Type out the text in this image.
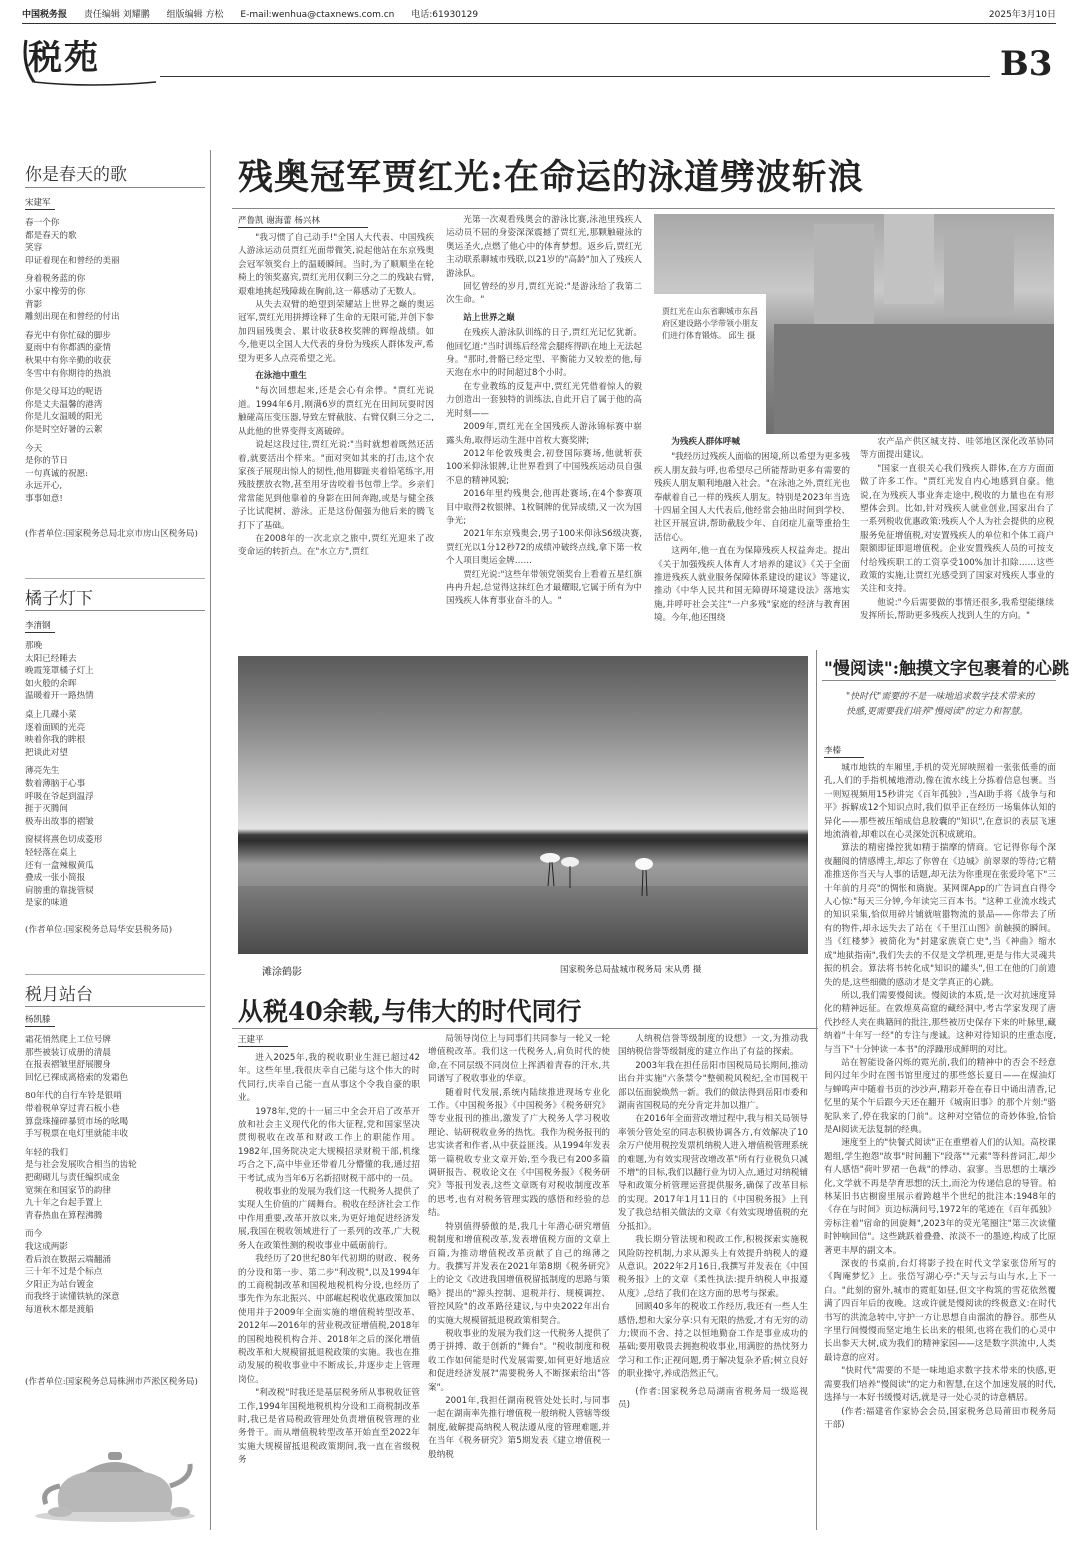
中国税务报 责任编辑 刘耀鹏 组版编辑 方松 E-mail:wenhua@ctaxnews.com.cn 电话:61930129	2025年3月10日
税苑	B3
你是春天的歌
宋建军
春一个你
都是春天的歌
笑容
印证着现在和曾经的美丽
身着税务蓝的你
小家中橡劳的你
背影
雕刻出现在和曾经的付出
春光中有你忙碌的脚步
夏雨中有你都洒的豪情
秋果中有你辛勤的收获
冬雪中有你期待的热浪
你是父母耳边的呢语
你是丈夫温馨的港湾
你是儿女温暖的阳光
你是时空好暑的云絮
今天
是你的节日
一句真诚的祝愿:
永远开心,
事事如意!
(作者单位:国家税务总局北京市房山区税务局)
橘子灯下
李淯钢
那晚
太阳已经睡去
晚霞笼罩橘子灯上
如火般的余晖
温暖着开一路热情
桌上几碟小菜
逐着面顾的光亮
映着你我的眸根
把谈此对望
薄亮先生
数着薄脑于心事
呼吸在爷起到温浮
捱于灭腾间
极寿出故事的褶皱
窗棂将熹色切成菱形
轻轻落在桌上
还有一盒辣椒黄瓜
叠成一张小简报
肩膀重的靠拢管棂
是家的味道
(作者单位:国家税务总局华安县税务局)
税月站台
杨凯滕
霜花悄然爬上工位号牌
那些被装订成册的清晨
在报表褶皱里舒展腰身
回忆已裸成离格索的发霜色
80年代的自行车铃是银哨
带着税单穿过青石板小巷
算盘珠撞碎暴贸市场的吆喝
手写税票在电灯里就能丰收
年轻的我们
是与社会发展吹合相当的齿轮
把砌砌儿与责任编织成金
宽频在和国家节的韵律
九十年之台起手置上
青春热血在算程沸腾
而今
我这成两影
看后浪在数据云端翻涌
三十年不过是个标点
夕阳正为站台镀金
而我终于读懂铁轨的深意
每道秋木都是渡船
(作者单位:国家税务总局株洲市芦淞区税务局)
残奥冠军贾红光:在命运的泳道劈波斩浪
严鲁凯 谢海蕾 杨兴林

"我习惯了自己动手!"全国人大代表、中国残疾人游泳运动员贾红光面带微笑,说起他站在东京残奥会冠军领奖台上的温暖瞬间。当时,为了顺顺坐在轮椅上的领奖嘉宾,贾红光用仅剩三分之二的残缺右臂,艰难地挑起残障裁在胸前,这一幕感动了无数人。

从失去双臂的绝望到荣耀站上世界之巅的奥运冠军,贾红光用拼搏诠释了生命的无限可能,并创下参加四届残奥会、累计收获8枚奖牌的辉煌战绩。如今,他更以全国人大代表的身份为残疾人群体发声,希望为更多人点亮希望之光。

在泳池中重生

"每次回想起来,还是会心有余悸。"贾红光说道。1994年6月,刚满6岁的贾红光在田间玩耍时因触碰高压变压器,导致左臂截肢、右臂仅剩三分之二,从此他的世界变得支离破碎。

说起这段过往,贾红光说:"当时就想着既然还活着,就要活出个样来。"面对突如其来的打击,这个农家孩子展现出惊人的韧性,他用脚趾夹着铅笔练字,用残肢摆放衣物,甚至用牙齿咬着书包带上学。乡亲们常常能见到他靠着的身影在田间奔跑,或是与健全孩子比试爬树、游泳。正是这份倔强为他后来的腾飞打下了基础。

在2008年的一次北京之旅中,贾红光迎来了改变命运的转折点。在"水立方",贾红

光第一次观看残奥会的游泳比赛,泳池里残疾人运动员不屈的身姿深深震撼了贾红光,那颗触碰泳的奥运圣火,点燃了他心中的体育梦想。返乡后,贾红光主动联系聊城市残联,以21岁的"高龄"加入了残疾人游泳队。

回忆曾经的岁月,贾红光说:"是游泳给了我第二次生命。"

站上世界之巅

在残疾人游泳队训练的日子,贾红光记忆犹新。他回忆道:"当时训练后经常会腿疼得趴在地上无法起身。"那时,骨骼已经定型、平衡能力又较差的他,每天泡在水中的时间超过8个小时。

在专业教练的反复声中,贾红光凭借着惊人的毅力创造出一套独特的训练法,自此开启了属于他的高光时刻——

2009年,贾红光在全国残疾人游泳锦标赛中崭露头角,取得运动生涯中首枚大赛奖牌;

2012年伦敦残奥会,初登国际赛场,他就斩获100米仰泳银牌,让世界看到了中国残疾运动员自强不息的精神风貌;

2016年里约残奥会,他再赴赛场,在4个参赛项目中取得2枚银牌、1枚铜牌的优异成绩,又一次为国争光;

2021年东京残奥会,男子100米仰泳S6级决赛,贾红光以1分12秒72的成绩冲破终点线,拿下第一枚个人项目奥运金牌……

贾红光说:"这些年带领党领奖台上看着五星红旗冉冉升起,总觉得这抹红色才最耀眼,它属于所有为中国残疾人体育事业奋斗的人。"

贾红光在山东省聊城市东昌府区建设路小学带领小朋友们进行体育锻炼。 邱生 摄
为残疾人群体呼喊

"我经历过残疾人面临的困境,所以希望为更多残疾人朋友鼓与呼,也希望尽己所能帮助更多有需要的残疾人朋友顺利地融入社会。"在泳池之外,贾红光也奉献着自己一样的残疾人朋友。特别是2023年当选十四届全国人大代表后,他经常会抽出时间到学校、社区开展宣讲,帮助截肢少年、自闭症儿童等重拾生活信心。

这两年,他一直在为保障残疾人权益奔走。提出《关于加强残疾人体育人才培养的建议》《关于全面推进残疾人就业服务保障体系建设的建议》等建议,推动《中华人民共和国无障碍环境建设法》落地实施,并呼吁社会关注"一户多残"家庭的经济与教育困境。今年,他还围绕

农产品产供区城支持、哇邻地区深化改革协同等方面提出建议。

"国家一直很关心我们残疾人群体,在方方面面做了许多工作。"贾红光发自内心地感到自豪。他说,在为残疾人事业奔走途中,税收的力量也在有形塑体会到。比如,针对残疾人就业创业,国家出台了一系列税收优惠政策:残疾人个人为社会提供的应税服务免征增值税,对安置残疾人的单位和个体工商户限额即征即退增值税。企业安置残疾人员的可按支付给残疾职工的工资享受100%加计扣除……这些政策的实施,让贾红光感受到了国家对残疾人事业的关注和支持。

他说:"今后需要做的事情还很多,我希望能继续发挥所长,帮助更多残疾人找到人生的方向。"

滩涂鹤影	国家税务总局盐城市税务局 宋从勇 摄
从税40余载,与伟大的时代同行
王建平

进入2025年,我的税收职业生涯已超过42年。这些年里,我很庆幸自己能与这个伟大的时代同行,庆幸自己能一直从事这个令我自豪的职业。

1978年,党的十一届三中全会开启了改革开放和社会主义现代化的伟大征程,党和国家坚决贯彻税收在改革和财政工作上的职能作用。1982年,国务院决定大规模招录财税干部,机缘巧合之下,高中毕业还带着几分懵懂的我,通过招干考试,成为当年6万名新招财税干部中的一员。

税收事业的发展为我们这一代税务人提供了实现人生价值的广阔舞台。税收在经济社会工作中作用重要,改革开放以来,为更好地促进经济发展,我国在税收领域进行了一系列的改革,广大税务人在政策性测的税收事业中砥砺前行。

我经历了20世纪80年代初期的财政、税务的分设和第一步、第二步"利改税",以及1994年的工商税制改革和国税地税机构分设,也经历了事先作为东北振兴、中部崛起税收优惠政策加以使用并于2009年全面实施的增值税转型改革、2012年—2016年的营业税改征增值税,2018年的国税地税机构合并、2018年之后的深化增值税改革和大规模留抵退税政策的实施。我也在推动发展的税收事业中不断成长,并逐步走上管理岗位。

"利改税"时我还是基层税务所从事税收征管工作,1994年国税地税机构分设和工商税制改革时,我已是省局税政管理处负责增值税管理的业务骨干。而从增值税转型改革开始直至2022年实施大规模留抵退税政策期间,我一直在省级税务

局领导岗位上与同事们共同参与一轮又一轮增值税改革。我们这一代税务人,肩负时代的使命,在不同层级不同岗位上挥洒着青春的汗水,共同谱写了税收事业的华章。

随着时代发展,系统内陆续推进现场专业化工作。《中国税务报》《中国税务》《税务研究》等专业报刊的推出,激发了广大税务人学习税收理论、钻研税收业务的热忱。我作为税务报刊的忠实读者和作者,从中获益匪浅。从1994年发表第一篇税收专业文章开始,至今我已有200多篇调研报告、税收论文在《中国税务报》《税务研究》等报刊发表,这些文章既有对税收制度改革的思考,也有对税务管理实践的感悟和经验的总结。

特别值得骄傲的是,我几十年潜心研究增值税制度和增值税改革,发表增值税方面的文章上百篇,为推动增值税改革贡献了自己的绵薄之力。我撰写并发表在2021年第8期《税务研究》上的论文《改进我国增值税留抵制度的思路与策略》提出的"源头控制、退税并行、规模调控、管控风险"的改革路径建议,与中央2022年出台的实施大规模留抵退税政策相契合。

税收事业的发展为我们这一代税务人提供了勇于拼搏、敢于创新的"舞台"。"税收制度和税收工作如何能是时代发展需要,如何更好地适应和促进经济发展?"需要税务人不断探索给出"答案"。

2001年,我担任湖南税管处处长时,与同事一起在湖南率先推行增值税一般纳税人管辖等级制度,破解提高纳税人税法遵从度的管理难题,并在当年《税务研究》第5期发表《建立增值税一般纳税

人纳税信誉等级制度的设想》一文,为推动我国纳税信誉等级制度的建立作出了有益的探索。

2003年我在担任岳阳市国税局局长期间,推动出台并实施"六条禁令"整顿税风税纪,全市国税干部以伍面貌焕然一新。我们的做法得到岳阳市委和湖南省国税局的充分肯定并加以推广。

在2016年全面营改增过程中,我与相关局领导率领分管处室的同志积极协调各方,有效解决了10余万户使用税控发票机纳税人进入增值税管理系统的难题,为有效实现营改增改革"所有行业税负只减不增"的目标,我们以翻行业为切入点,通过对纳税辅导和政策分析管理运营提供服务,确保了改革目标的实现。2017年1月11日的《中国税务报》上刊发了我总结相关做法的文章《有效实现增值税的充分抵扣》。

我长期分管法规和税政工作,积极探索实施税风险防控机制,力求从源头上有效提升纳税人的遵从意识。2022年2月16日,我撰写并发表在《中国税务报》上的文章《柔性执法:提升纳税人申报遵从度》,总结了我们在这方面的思考与探索。

回顾40多年的税收工作经历,我还有一些人生感悟,想和大家分享:只有无限的热爱,才有无穷的动力;锲而不舍、持之以恒地勤奋工作是事业成功的基础;要用敬畏去拥抱税收事业,用满腔的热忱努力学习和工作;正视问题,勇于解决复杂矛盾;树立良好的职业操守,养成浩然正气。

(作者:国家税务总局湖南省税务局一级巡视员)

"慢阅读":触摸文字包裹着的心跳
"快时代"需要的不是一味地追求数字技术带来的快感,更需要我们培养"慢阅读"的定力和智慧。
李榛

城市地铁的车厢里,手机的荧光屏映照着一张张低垂的面孔,人们的手指机械地滑动,像在流水线上分拣着信息包裹。当一则短视频用15秒讲完《百年孤独》,当AI助手将《战争与和平》拆解成12个知识点时,我们似乎正在经历一场集体认知的异化——那些被压缩成信息胶囊的"知识",在意识的表层飞速地流淌着,却难以在心灵深处沉积成琥珀。

算法的精密操控犹如精于揣摩的情商。它记得你每个深夜翻阅的情感博主,却忘了你曾在《边城》前翠翠的等待;它精准推送你当天与人事的话题,却无法为你重现在张爱玲笔下"三十年前的月亮"的惆怅和旖旎。某网课App的广告词直白得令人心惊:"每天三分钟,今年读完三百本书。"这种工业流水线式的知识采集,恰似用碎片铺就喧嚣物流的景品——你带去了所有的物件,却永远失去了站在《千里江山图》前触摸的瞬间。当《红楼梦》被简化为"封建家族衰亡史",当《神曲》缩水成"地狱指南",我们失去的不仅是文学机理,更是与伟大灵魂共振的机会。算法将书转化成"知识的罐头",但工在他的门前遗失的是,这些细微的感动才是文学真正的心跳。

所以,我们需要慢阅读。慢阅读的本质,是一次对抗速度异化的精神远征。在敦煌莫高窟的藏经洞中,考古学家发现了唐代抄经人夹在典籍间的批注,那些被历史保存下来的叶脉里,藏纳着"十年写一经"的专注与虔诚。这种对待知识的庄重态度,与当下"十分钟读一本书"的浮躁形成鲜明的对比。

站在智能设备闪烁的霓光前,我们的精神中的否会不经意间闪过年少时在图书馆里度过的那些悠长夏日——在煤油灯与蝉鸣声中随着书页的沙沙声,精彩开卷在春日中诵出清香,记忆里的某个午后跟今天还在翻开《城南旧事》的那个片刻:"骆驼队来了,停在我家的门前"。这种对空错位的奇妙体验,恰恰是AI阅读无法复制的经典。

速度至上的"快餐式阅读"正在重塑着人们的认知。高校课题组,学生抱怨"故事"时间翻下"段落""元素"等科普词汇,却少有人感悟"荷叶罗裙一色裁"的悸动、寂寥。当思想的土壤沙化,文学就不再是孕育思想的沃土,而沦为传递信息的导管。柏林某旧书店橱窗里展示着跨越半个世纪的批注本:1948年的《存在与时间》页边标满问号,1972年的笔迹在《百年孤独》旁标注着"宿命的回旋舞",2023年的荧光笔圈注"第三次读懂时钟响回信"。这些跳跃着叠叠、浓淡不一的墨迹,构成了比原著更丰厚的副文本。

深夜的书桌前,台灯将影子投在时代文学家张岱所写的《陶庵梦忆》上。张岱写湖心亭:"天与云与山与水,上下一白。"此刻的窗外,城市的霓虹如昼,但文字构筑的雪花依然覆满了四百年后的夜晚。这或许就是慢阅读的终极意义:在时代书写的洪流急转中,守护一方让思想自由溜流的静谷。那些从字里行间慢慢而坚定地生长出来的根须,也将在我们的心灵中长出参天大树,成为我们的精神家园——这是数字洪流中,人类最诗意的应对。

"快时代"需要的不是一味地追求数字技术带来的快感,更需要我们培养"慢阅读"的定力和智慧,在这个加速发展的时代,选择与一本好书缓慢对话,就是寻一处心灵的诗意栖居。

(作者:福建省作家协会会员,国家税务总局莆田市税务局干部)
